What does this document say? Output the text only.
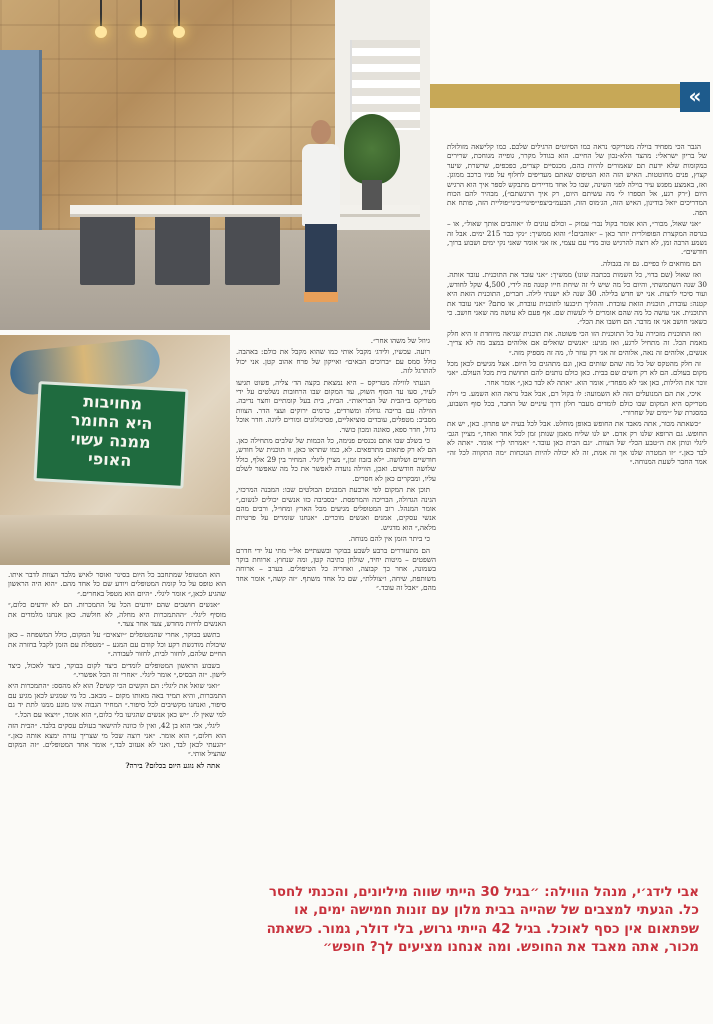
«
מחויבות
היא החומר
ממנה עשוי
האופי

הגבר הכי מפחיד בוילה מטריקס׳ נראה כמו הסיוטים הרגילים שלכם. כמו קלישאה מזולזלת של בריון ישראלי: מהצד הלא-נכון של החיים. הוא בגודל מקרר, גופייה מגוחכת, שרירים במקומות שלא ידעת תם שאמורים להיות בהם, מכנסיים קצרים, כפכפים, שרשרת, שיער קצוץ, פנים מחוטטות. האיש הזה הוא הטיפוס שאתם מעדיפים לחלוף על פניו ברכב ממוגן. ואז, באמצע מפגש עיר בוילה לפני השינה, שבו כל אחד מדיירים מתבקש לספר איך הוא הרגיש היום (״רק רגע, אל תספרו לי מה עשיתם היום, רק איך הרגשתם״), מבהיר להם הכוח המדריכים יואל בודינון, האיש הזה, הג׳מוס הזה, הבעמ״ביצפי״פינוי״ביני״פוליית הזה, פותח את הפה.

״אני שאול, מכור״, הוא אומר בקול נבר׳ עמוק – וכולם עונים לו ״אוהבים אותך שאול״, או – בגרסה המקצרת הפופולרית יותר כאן – ״אוהבים!״ והוא ממשיך: ״נקי כבר 215 ימים. אבל זה נשמע הרבה זמן, לא רוצה להרגיש טוב מדי עם עצמי, אז אני אומר שאני נקי ימים ושבוע ברוך, חודשים״.

הם מוחאים לו כפיים. גם זה בגבולה.

ואז שאול (שם בדוי, כל השמות בכתבה שונו) ממשיך: ״אני עובד את התוכנית. עובד אותה. 30 שנה השתמשתי, והיום כל מה שיש לי זה שיחת חייו קטנה פה לידי, 4,500 שקל לחודש, ועוד סיכוי לרצות. אני יש חדש בלילה. 30 שנה לא ישנתי לילה. חברים, התוכנית הזאת היא קטנה: עובדת, תוכנית הזאת עובדת. וההליך תיכנעו לתוכנית עובדת, או סתם? ״אני עובד את התוכנית. אני עושה כל מה שהם אומרים לי לעשות שם. אף פעם לא עושה מה שאני חושב. כי כשאני חושב אני אז מדבר. הם חשבו את הכל״.

ואז התוכנית מזכירה על כל התוכנית הזו הכי פשוטה. את תוכנית שגיאה מיוחדת זו היא חלק מאמת הכל. זה מתחיל לרגע, ואז מגיע: ״אנשים שואלים אם אלוהים במצב מה לא צריך. אנשים, אלוהים זה נאה, אלוהים זה אני רק עוזר לו, מה זה מספיק מזה.״

זה חלק מהטקס של כל מה שהם שותים כאן, וגם מתהגים כל היום. אצל מגיעים לכאן מכל מקום בעולם. הם לא רק חשים שם בבית. כאן כולם נותנים להם תחושת בית מכל העולם. ״אני זוכר את הלילות, כאן אני לא מפחד״, אומר הוא. ״אתה לא לבד כאן,״ אומר אחר.

איכי, את הם המנועלים הזה לא השמועה: לו בקול רם, אבל אבל נראה הוא השמע. כי וילה מטריקס היא המקום שבו כולם לומדים מעבר חלון דרך עיניים של החבר, בכל סוף השבוע, במסגרת של ״ימים של שחרור״.

״כשאתה מכור, אתה מאבד את החופש באופן מוחלט. אבל לכל בעיה יש פתרון. כאן, יש את החופש. גם הרופא שלנו רק אדם. יש לנו שליח מאמן שנותן זמן לכל אחד ואחד,״ מציין הגב׳ ליגלי ונותן את ה״טבע הכל״ של הצוות. ״גם הבית כאן עובד.״ ״אמרתי לך״ אומר. ״אתה לא לבד כאן.״ ״זו המטרה שלנו אך זה אמת, זה לא יכולה להיות הנוכחות ״מה התקווה לכל זה״ אמר החבר לשעת המנוחה.״

גיוזל של משהו אחר״.

רועה. עכשיו, ולידג׳ מקבל אותי כמו שהוא מקבל את כולם: באהבה. כולל סמס עם ״ברוכים הבאים״ ואייקון של פרח אהוב קטן. אני יכול להתרגל לזה.

הגעתי לווילה מטריקס – היא נמצאת בקצה הד׳ צליה, פשוט תגיעו לעיר, סעו עד הסוף השוק, עד המקום שבו הרחובות נשלטים על ידי מטריקס ב״הבית של הבריאות״. הבית, בית בעל קומתיים וחצר נדיבה. הווילה עם בריכה גדולה ומשרדים, כרמים ירוקים ועצי הדר. הצוות מסביב: מטפלים, עובדים סוציאליים, פסיכולוגים ומורים ליוגה. חדר אוכל גדול, חדר ספא, סאונה ומכון כושר.

כי בשלב שבו אתם נכנסים פנימה, כל הכמות של שלבים מתחילה כאן. הם לא רק פתאום מתרפאים. לא, כמו שתראו כאן, זו תוכנית של חודש, חודשיים ושלושה. ״לא בזבוז זמן,״ מציין ליגלי. המחיר בין 29 אלף, כולל שלושה חודשים. ואכן, הווילה נועדה לאפשר את כל מה שאפשר לשלם עליו, ומבקרים כאן לא חסרים.

תוכן את המקום לפי ארבעת המבנים הבולטים שבו: המבנה המרכזי, הגינה הגדולה, הבריכה והמרפסת. ״בסביבה כזו אנשים יכולים לנשום,״ אומר המנהל. רוב המטופלים מגיעים מכל הארץ ומחו״ל, ורבים מהם אנשי עסקים, אמנים ואנשים מוכרים. ״אנחנו שומרים על פרטיות מלאה,״ הוא מדגיש.

כי ביתר הזמן אין להם מנוחה.

הם מתעוררים ברבע לשבע בבוקר ובשעתיים אל״י מתי על ידי חדרם השפטים – מיטות יחיד, שולחן כתיבה קטן, ומה שנחוץ. ארוחת בוקר בשמונה, אחר כך קבוצה, ואחריה כל הטיפולים. בערב – ארוחה משותפת, שיחה, ו״צוללת״, שם כל אחד משתף. ״זה קשה,״ אומר אחד מהם, ״אבל זה עובד.״

הוא המטופל שמתחבב כל היום בסינר ואוסר לאיש מלבד הצוות לדבר איתו. הוא טופס על כל קומת המטופלים ויודע שם כל אחד מהם. ״הוא היה הראשון שהגיע לכאן,״ אומר ליגלי. ״היום הוא מטפל באחרים.״

״אנשים חושבים שהם יודעים הכל על התמכרות. הם לא יודעים כלום,״ מוסיף ליגלי. ״ההתמכרות היא מחלה, לא חולשה. כאן אנחנו מלמדים את האנשים לחיות מחדש, צעד אחר צעד.״

בתשע בבוקר, אחרי שהמטופלים ״יוצאים״ על המקום, כולל המשפחה – כאן שיבולת מודגשת רקע וכל קודם עם המגע – ״מטפלת עם הזמן לקבל בחזרה את החיים שלהם, לחזור לבית, לחזור לעבודה.״

בשבוע הראשון המטופלים לומדים כיצד לקום בבוקר, כיצד לאכול, כיצד לישון. ״זה הבסיס,״ אומר ליגלי. ״אחרי זה הכל אפשרי.״

״ואני שואל את ליגלי: הם הקשים הכי קשים? הוא לא מהסס: ״התמכרות היא התמכרות, והיא תמיד באה מאותו מקום – מכאב. כל מי שמגיע לכאן מגיע עם סיפור, ואנחנו מקשיבים לכל סיפור.״ המחיר הגבוה אינו מונע ממנו לתת יד גם למי שאין לו. ״יש כאן אנשים שהגיעו בלי כלום,״ הוא אומר, ״ויצאו עם הכל.״

ליגלי, אבי הוא בן 42, ואין לו כוונה להישאר בעולם עסקים בלבד. ״הבית הזה הוא חלום,״ הוא אומר. ״אני רוצה שכל מי שצריך עזרה ימצא אותה כאן.״ ״הגעתי לכאן לבד, ואני לא אעזוב לבד,״ אומר אחד המטופלים. ״זה המקום שהציל אותי.״

אתה לא נוגע היום בכלום? בירה?

אבי לידג׳י, מנהל הווילה: ״בגיל 30 הייתי שווה מיליונים, והכנתי לחסר כל. הגעתי למצבים של שהייה בבית מלון עם זונות חמישה ימים, או שפתאום אין כסף לאוכל. בגיל 42 הייתי גרוש, בלי דולר, גמור. כשאתה מכור, אתה מאבד את החופש. ומה אנחנו מציעים לך? חופש״
